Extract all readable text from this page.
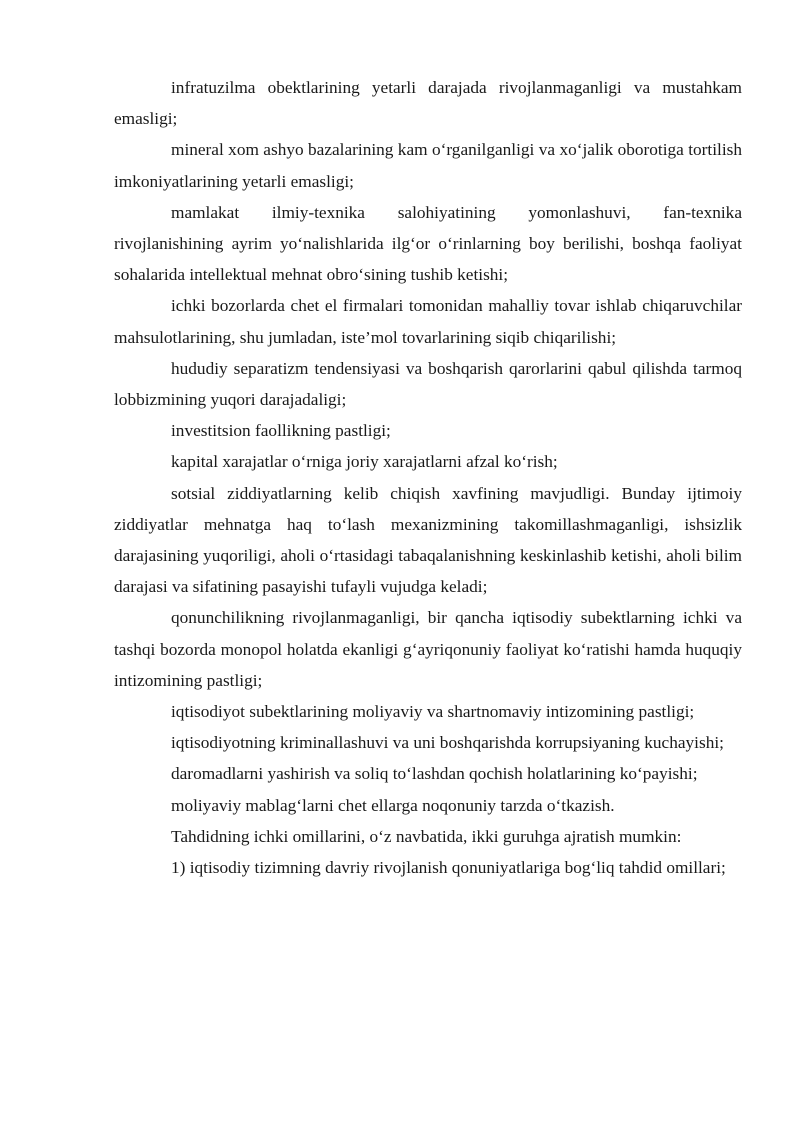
infratuzilma obektlarining yetarli darajada rivojlanmaganligi va mustahkam emasligi;

mineral xom ashyo bazalarining kam o‘rganilganligi va xo‘jalik oborotiga tortilish imkoniyatlarining yetarli emasligi;

mamlakat ilmiy-texnika salohiyatining yomonlashuvi, fan-texnika rivojlanishining ayrim yo‘nalishlarida ilg‘or o‘rinlarning boy berilishi, boshqa faoliyat sohalarida intellektual mehnat obro‘sining tushib ketishi;

ichki bozorlarda chet el firmalari tomonidan mahalliy tovar ishlab chiqaruvchilar mahsulotlarining, shu jumladan, iste’mol tovarlarining siqib chiqarilishi;

hududiy separatizm tendensiyasi va boshqarish qarorlarini qabul qilishda tarmoq lobbizmining yuqori darajadaligi;

investitsion faollikning pastligi;

kapital xarajatlar o‘rniga joriy xarajatlarni afzal ko‘rish;

sotsial ziddiyatlarning kelib chiqish xavfining mavjudligi. Bunday ijtimoiy ziddiyatlar mehnatga haq to‘lash mexanizmining takomillashmaganligi, ishsizlik darajasining yuqoriligi, aholi o‘rtasidagi tabaqalanishning keskinlashib ketishi, aholi bilim darajasi va sifatining pasayishi tufayli vujudga keladi;

qonunchilikning rivojlanmaganligi, bir qancha iqtisodiy subektlarning ichki va tashqi bozorda monopol holatda ekanligi g‘ayriqonuniy faoliyat ko‘ratishi hamda huquqiy intizomining pastligi;

iqtisodiyot subektlarining moliyaviy va shartnomaviy intizomining pastligi;

iqtisodiyotning kriminallashuvi va uni boshqarishda korrupsiyaning kuchayishi;

daromadlarni yashirish va soliq to‘lashdan qochish holatlarining ko‘payishi;

moliyaviy mablag‘larni chet ellarga noqonuniy tarzda o‘tkazish.

Tahdidning ichki omillarini, o‘z navbatida, ikki guruhga ajratish mumkin:

1) iqtisodiy tizimning davriy rivojlanish qonuniyatlariga bog‘liq tahdid omillari;
